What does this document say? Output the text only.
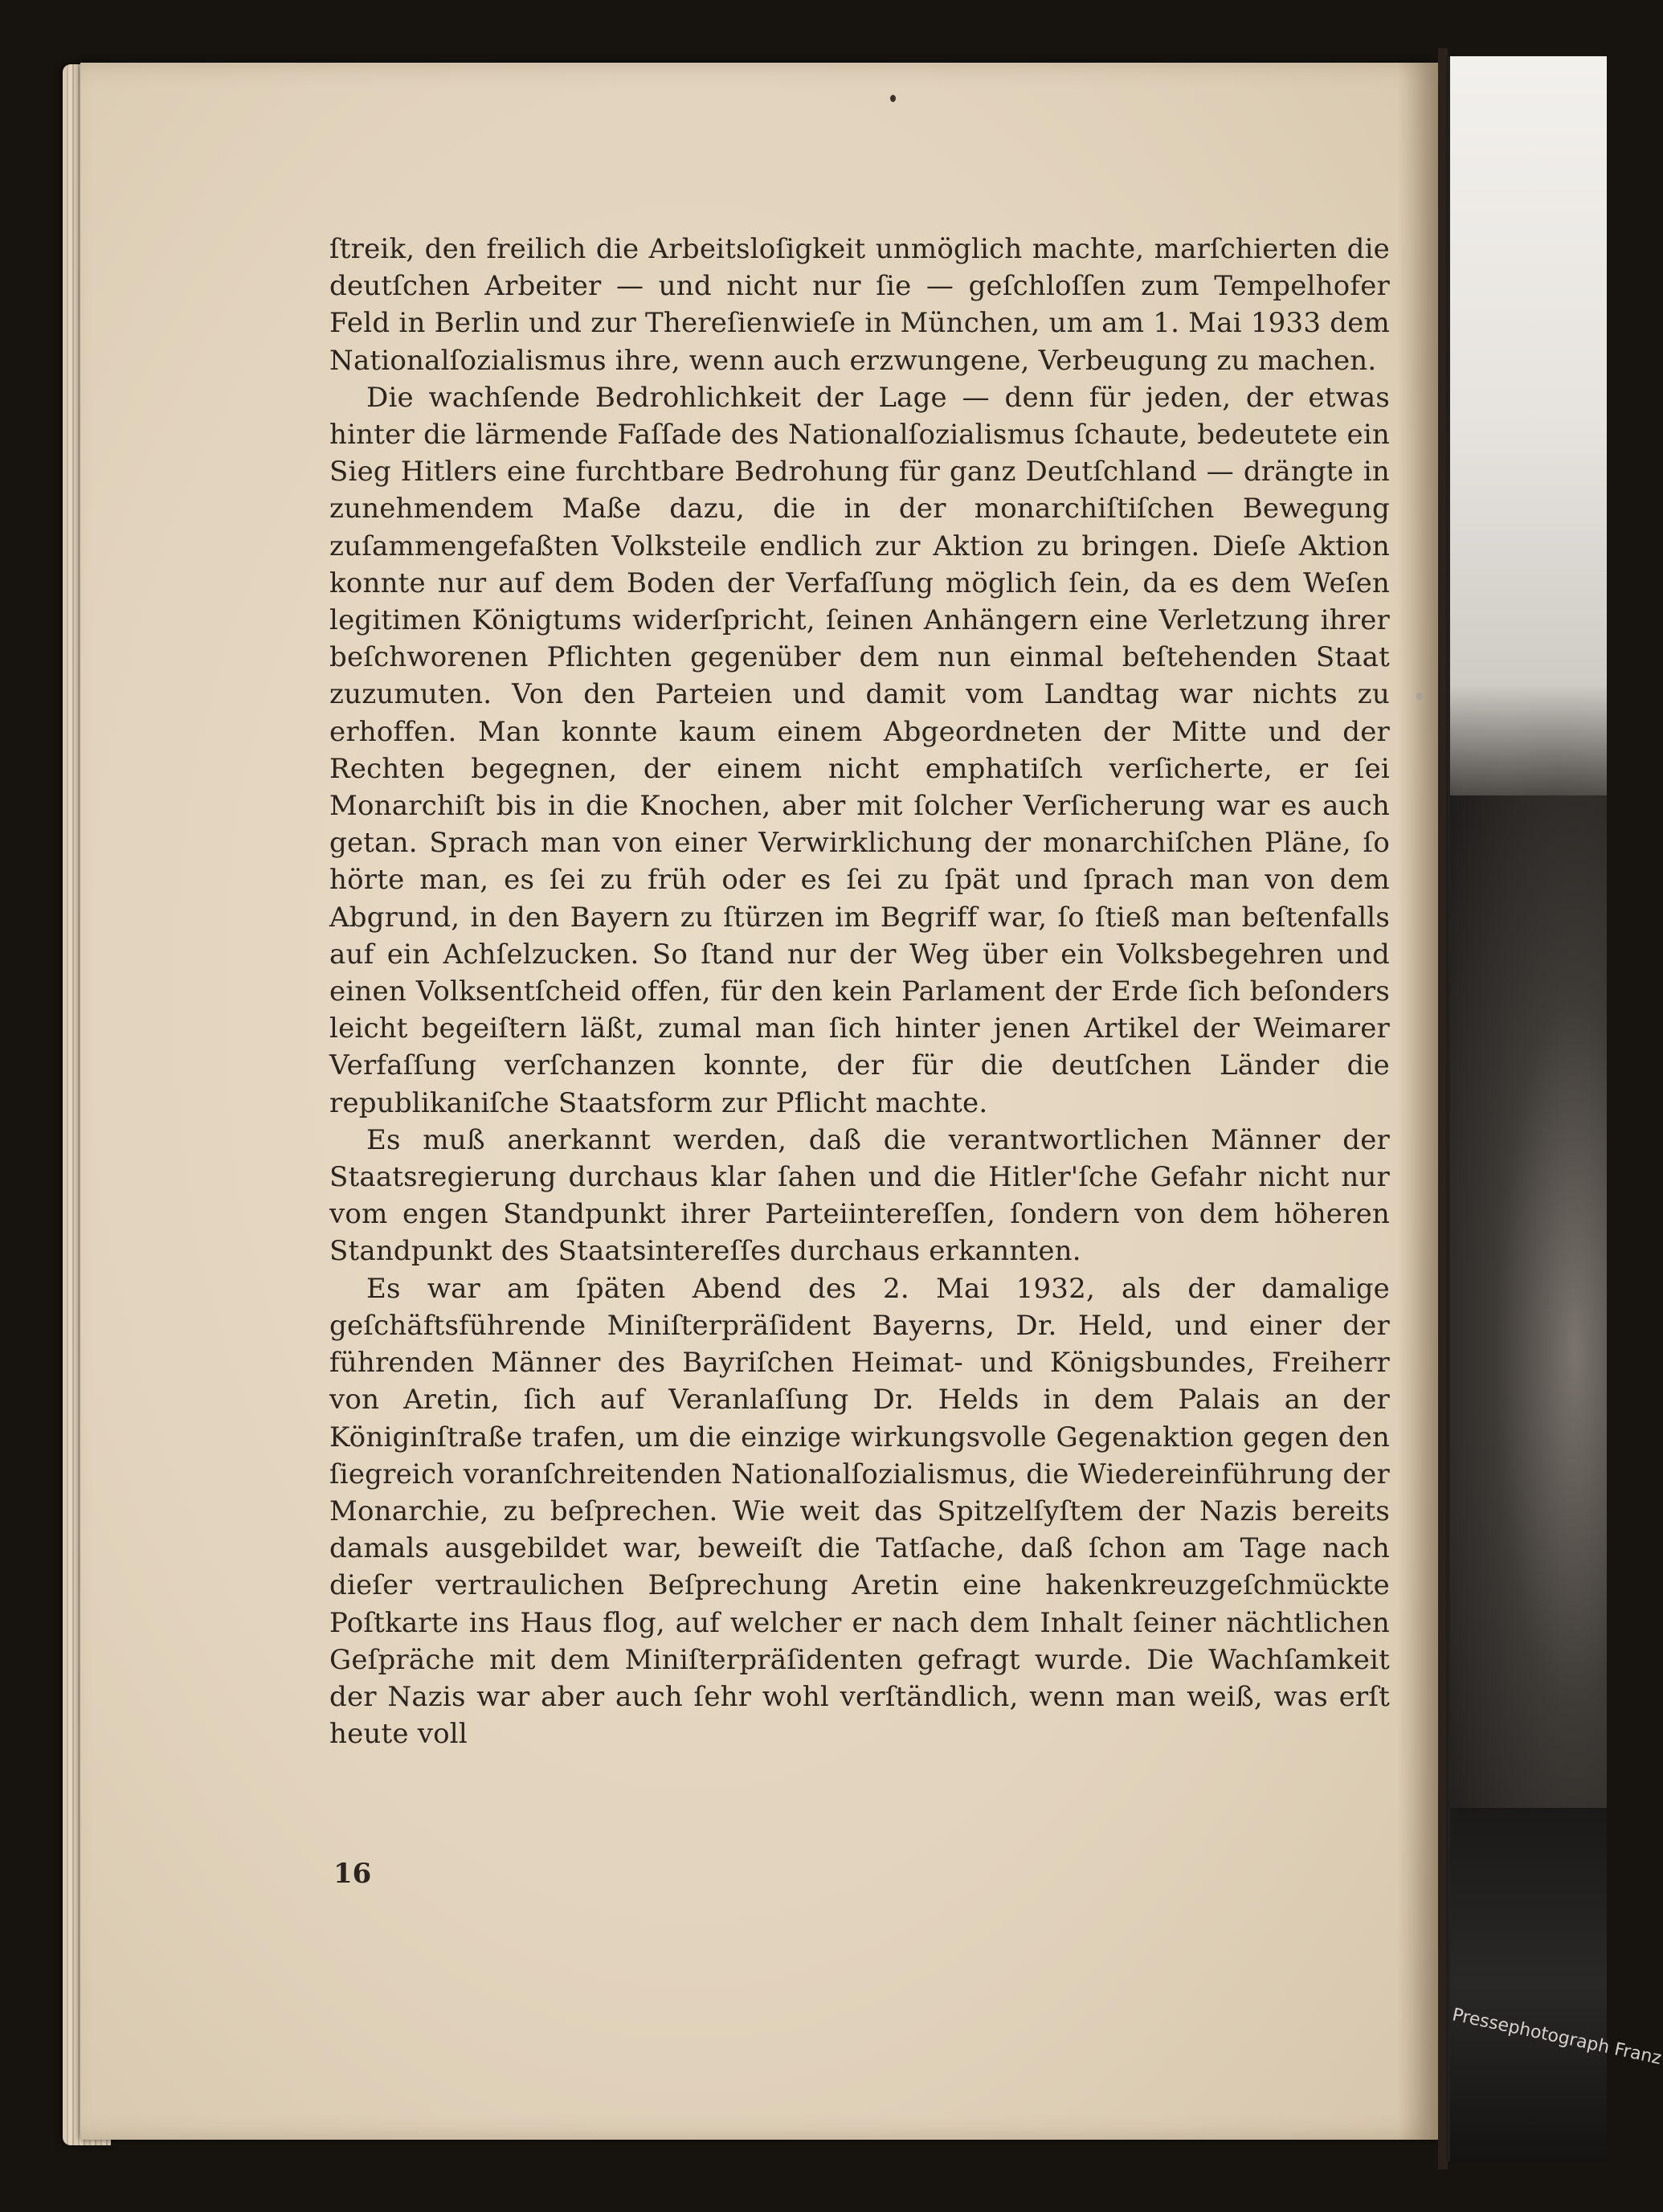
Pressephotograph Franz

ſtreik, den freilich die Arbeitsloſigkeit unmöglich machte, marſchierten die deutſchen Arbeiter — und nicht nur ſie — geſchloſſen zum Tempelhofer Feld in Berlin und zur Thereſienwieſe in München, um am 1. Mai 1933 dem Nationalſozialismus ihre, wenn auch erzwungene, Verbeugung zu machen.

Die wachſende Bedrohlichkeit der Lage — denn für jeden, der etwas hinter die lärmende Faſſade des Nationalſozialismus ſchaute, bedeutete ein Sieg Hitlers eine furchtbare Bedrohung für ganz Deutſchland — drängte in zunehmendem Maße dazu, die in der monarchiſtiſchen Bewegung zuſammengefaßten Volksteile endlich zur Aktion zu bringen. Dieſe Aktion konnte nur auf dem Boden der Verfaſſung möglich ſein, da es dem Weſen legitimen Königtums widerſpricht, ſeinen Anhängern eine Verletzung ihrer beſchworenen Pflichten gegenüber dem nun einmal beſtehenden Staat zuzumuten. Von den Parteien und damit vom Landtag war nichts zu erhoffen. Man konnte kaum einem Abgeordneten der Mitte und der Rechten begegnen, der einem nicht emphatiſch verſicherte, er ſei Monarchiſt bis in die Knochen, aber mit ſolcher Verſicherung war es auch getan. Sprach man von einer Verwirklichung der monarchiſchen Pläne, ſo hörte man, es ſei zu früh oder es ſei zu ſpät und ſprach man von dem Abgrund, in den Bayern zu ſtürzen im Begriff war, ſo ſtieß man beſtenfalls auf ein Achſelzucken. So ſtand nur der Weg über ein Volksbegehren und einen Volksentſcheid offen, für den kein Parlament der Erde ſich beſonders leicht begeiſtern läßt, zumal man ſich hinter jenen Artikel der Weimarer Verfaſſung verſchanzen konnte, der für die deutſchen Länder die republikaniſche Staatsform zur Pflicht machte.

Es muß anerkannt werden, daß die verantwortlichen Männer der Staatsregierung durchaus klar ſahen und die Hitler'ſche Gefahr nicht nur vom engen Standpunkt ihrer Parteiintereſſen, ſondern von dem höheren Standpunkt des Staatsintereſſes durchaus erkannten.

Es war am ſpäten Abend des 2. Mai 1932, als der damalige geſchäftsführende Miniſterpräſident Bayerns, Dr. Held, und einer der führenden Männer des Bayriſchen Heimat- und Königsbundes, Freiherr von Aretin, ſich auf Veranlaſſung Dr. Helds in dem Palais an der Königinſtraße trafen, um die einzige wirkungsvolle Gegenaktion gegen den ſiegreich voranſchreitenden Nationalſozialismus, die Wiedereinführung der Monarchie, zu beſprechen. Wie weit das Spitzelſyſtem der Nazis bereits damals ausgebildet war, beweiſt die Tatſache, daß ſchon am Tage nach dieſer vertraulichen Beſprechung Aretin eine hakenkreuzgeſchmückte Poſtkarte ins Haus flog, auf welcher er nach dem Inhalt ſeiner nächtlichen Geſpräche mit dem Miniſterpräſidenten gefragt wurde. Die Wachſamkeit der Nazis war aber auch ſehr wohl verſtändlich, wenn man weiß, was erſt heute voll

16
